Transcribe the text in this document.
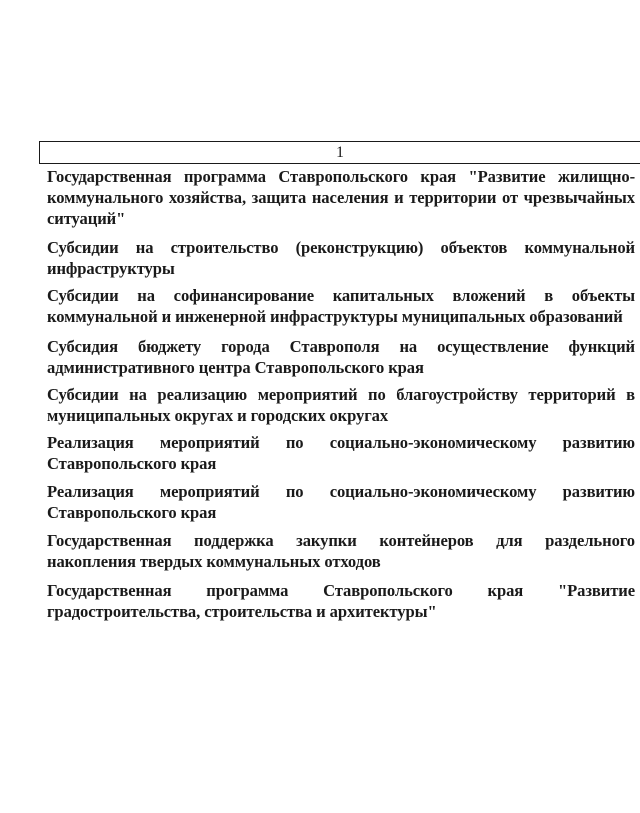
1
Государственная программа Ставропольского края "Развитие жилищно-коммунального хозяйства, защита населения и территории от чрезвычайных ситуаций"
Субсидии на строительство (реконструкцию) объектов коммунальной инфраструктуры
Субсидии на софинансирование капитальных вложений в объекты коммунальной и инженерной инфраструктуры муниципальных образований
Субсидия бюджету города Ставрополя на осуществление функций административного центра Ставропольского края
Субсидии на реализацию мероприятий по благоустройству территорий в муниципальных округах и городских округах
Реализация мероприятий по социально-экономическому развитию Ставропольского края
Реализация мероприятий по социально-экономическому развитию Ставропольского края
Государственная поддержка закупки контейнеров для раздельного накопления твердых коммунальных отходов
Государственная программа Ставропольского края "Развитие градостроительства, строительства и архитектуры"
